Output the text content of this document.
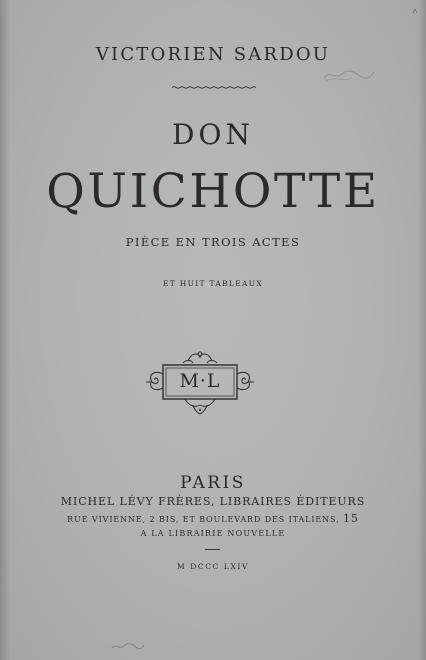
VICTORIEN SARDOU
DON
QUICHOTTE
PIÈCE EN TROIS ACTES
ET HUIT TABLEAUX
M·L
PARIS
MICHEL LÉVY FRÈRES, LIBRAIRES ÉDITEURS
RUE VIVIENNE, 2 BIS, ET BOULEVARD DES ITALIENS, 15
A LA LIBRAIRIE NOUVELLE
M DCCC LXIV
